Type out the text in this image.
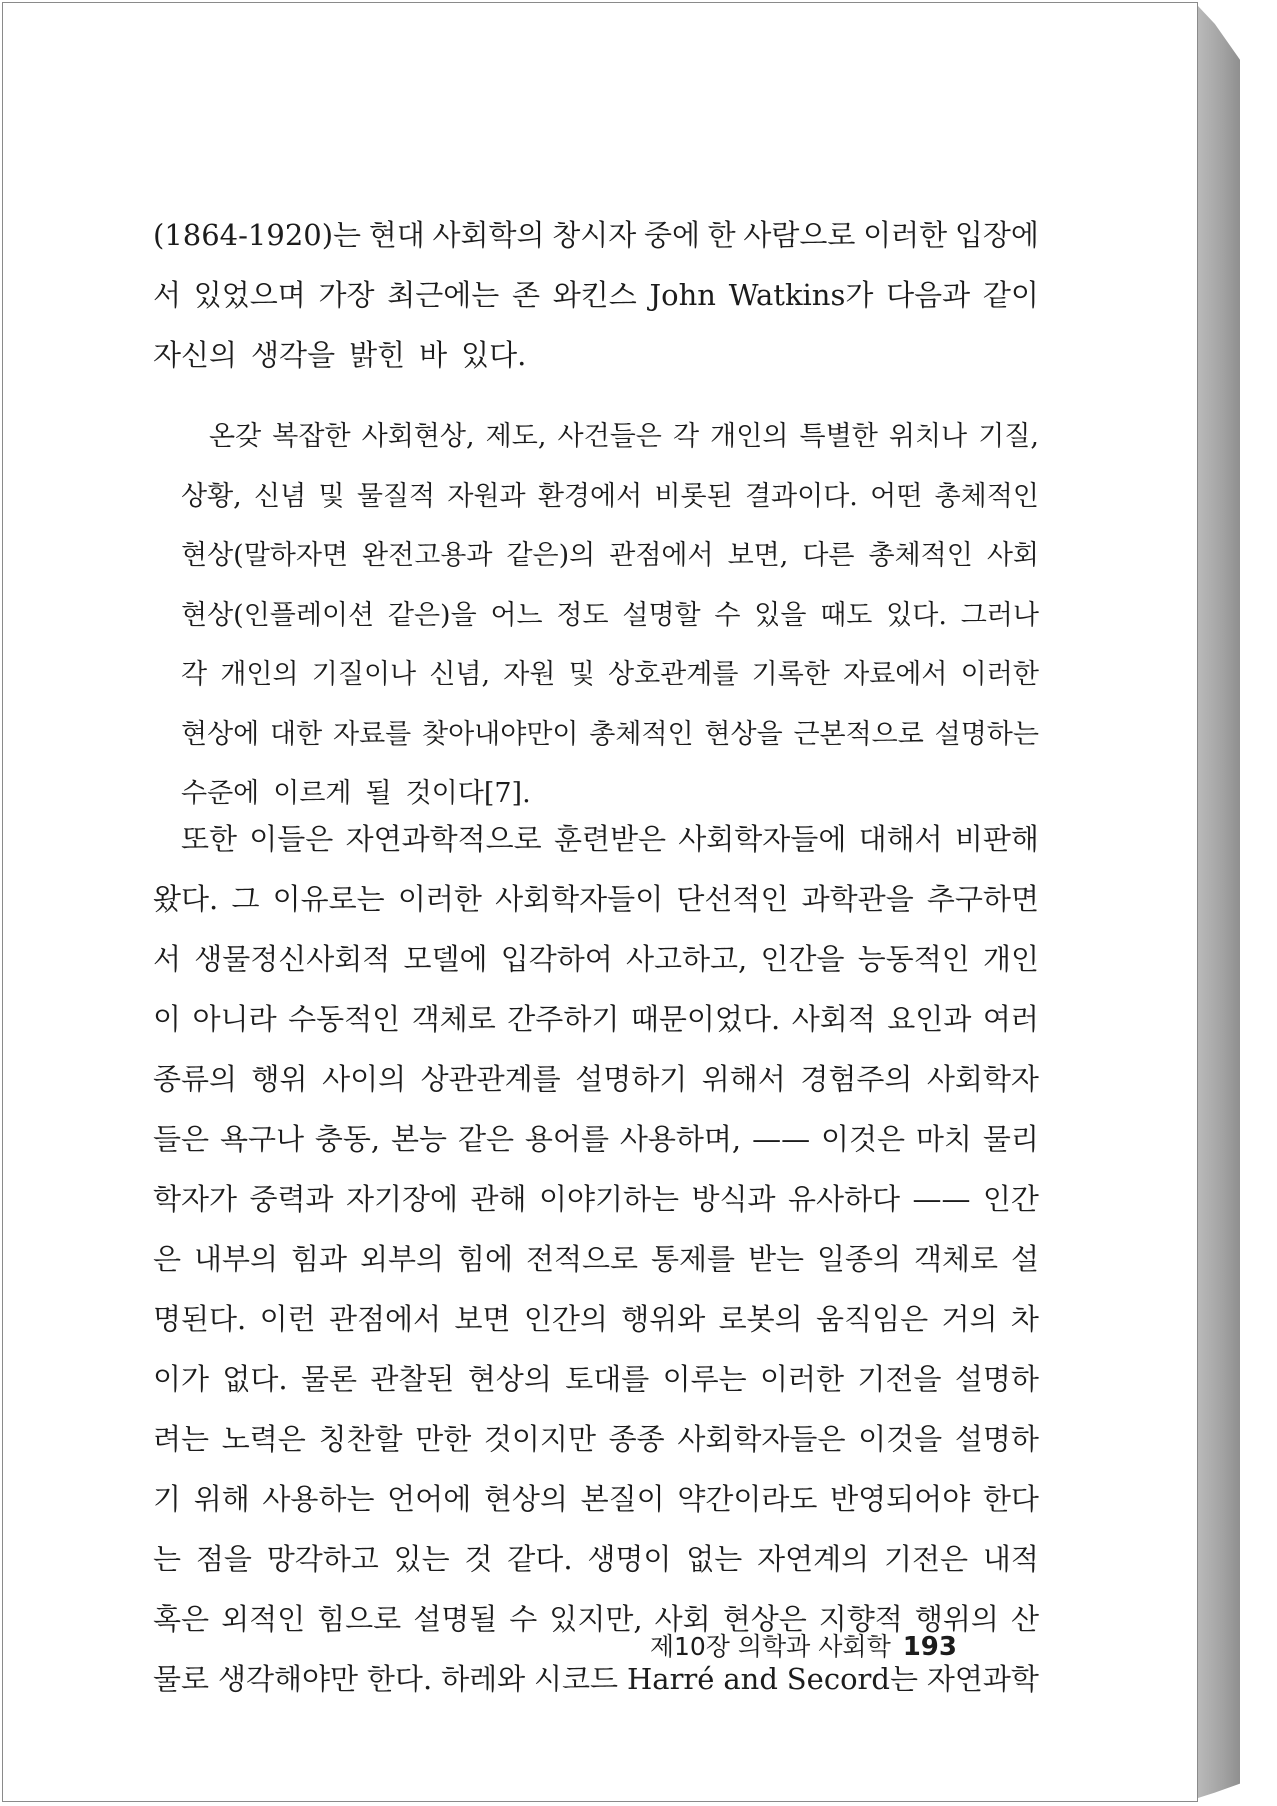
(1864-1920)는 현대 사회학의 창시자 중에 한 사람으로 이러한 입장에
서 있었으며 가장 최근에는 존 와킨스 John Watkins가 다음과 같이
자신의 생각을 밝힌 바 있다.
온갖 복잡한 사회현상, 제도, 사건들은 각 개인의 특별한 위치나 기질,
상황, 신념 및 물질적 자원과 환경에서 비롯된 결과이다. 어떤 총체적인
현상(말하자면 완전고용과 같은)의 관점에서 보면, 다른 총체적인 사회
현상(인플레이션 같은)을 어느 정도 설명할 수 있을 때도 있다. 그러나
각 개인의 기질이나 신념, 자원 및 상호관계를 기록한 자료에서 이러한
현상에 대한 자료를 찾아내야만이 총체적인 현상을 근본적으로 설명하는
수준에 이르게 될 것이다[7].
또한 이들은 자연과학적으로 훈련받은 사회학자들에 대해서 비판해
왔다. 그 이유로는 이러한 사회학자들이 단선적인 과학관을 추구하면
서 생물정신사회적 모델에 입각하여 사고하고, 인간을 능동적인 개인
이 아니라 수동적인 객체로 간주하기 때문이었다. 사회적 요인과 여러
종류의 행위 사이의 상관관계를 설명하기 위해서 경험주의 사회학자
들은 욕구나 충동, 본능 같은 용어를 사용하며, —— 이것은 마치 물리
학자가 중력과 자기장에 관해 이야기하는 방식과 유사하다 —— 인간
은 내부의 힘과 외부의 힘에 전적으로 통제를 받는 일종의 객체로 설
명된다. 이런 관점에서 보면 인간의 행위와 로봇의 움직임은 거의 차
이가 없다. 물론 관찰된 현상의 토대를 이루는 이러한 기전을 설명하
려는 노력은 칭찬할 만한 것이지만 종종 사회학자들은 이것을 설명하
기 위해 사용하는 언어에 현상의 본질이 약간이라도 반영되어야 한다
는 점을 망각하고 있는 것 같다. 생명이 없는 자연계의 기전은 내적
혹은 외적인 힘으로 설명될 수 있지만, 사회 현상은 지향적 행위의 산
물로 생각해야만 한다. 하레와 시코드 Harré and Secord는 자연과학
제10장 의학과 사회학 193
